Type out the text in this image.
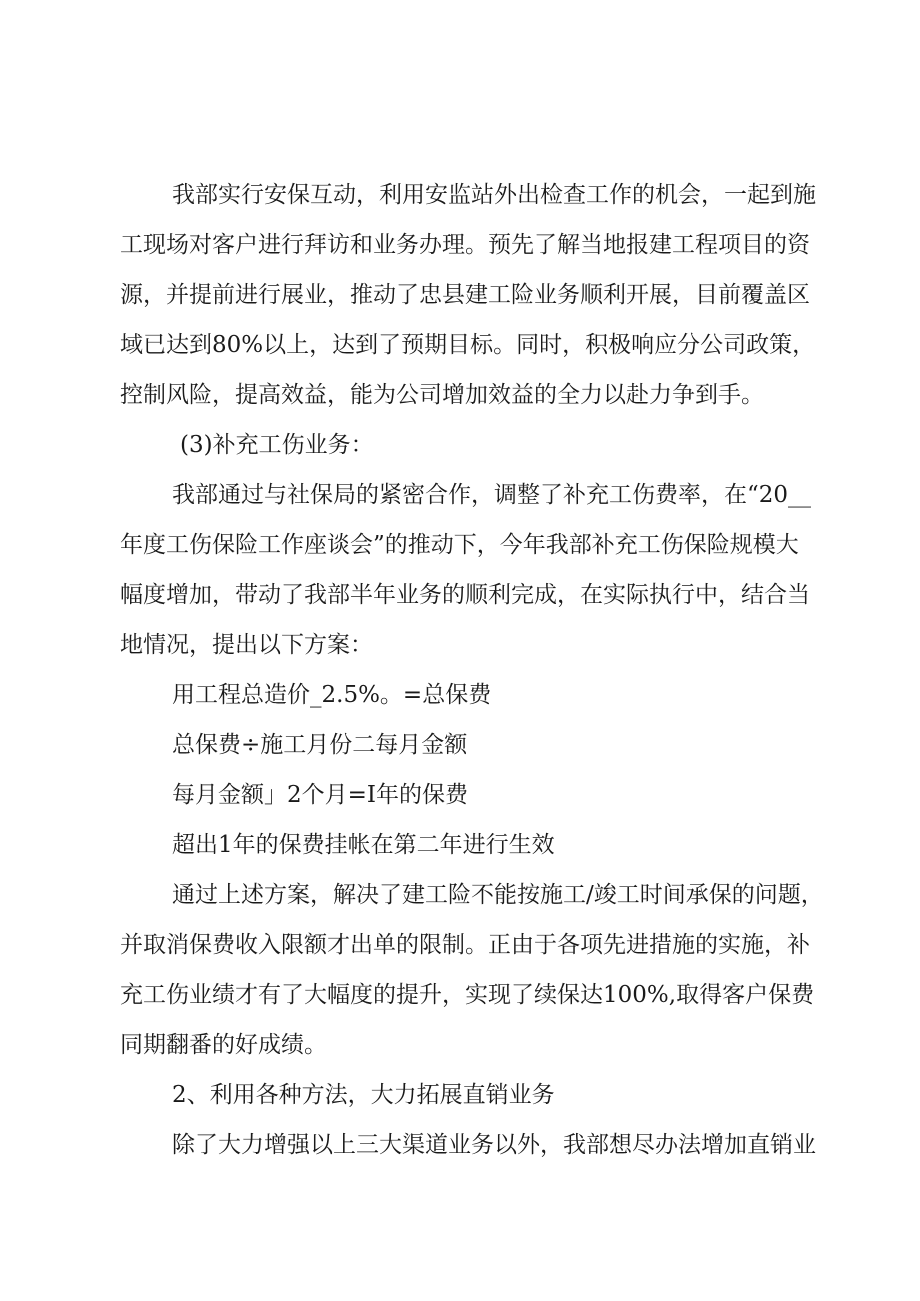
我部实行安保互动，利用安监站外出检查工作的机会，一起到施
工现场对客户进行拜访和业务办理。预先了解当地报建工程项目的资
源，并提前进行展业，推动了忠县建工险业务顺利开展，目前覆盖区
域已达到80%以上，达到了预期目标。同时，积极响应分公司政策，
控制风险，提高效益，能为公司增加效益的全力以赴力争到手。
(3)补充工伤业务：
我部通过与社保局的紧密合作，调整了补充工伤费率，在“20__
年度工伤保险工作座谈会”的推动下，今年我部补充工伤保险规模大
幅度增加，带动了我部半年业务的顺利完成，在实际执行中，结合当
地情况，提出以下方案：
用工程总造价_2.5%。=总保费
总保费÷施工月份二每月金额
每月金额」2个月=I年的保费
超出1年的保费挂帐在第二年进行生效
通过上述方案，解决了建工险不能按施工/竣工时间承保的问题，
并取消保费收入限额才出单的限制。正由于各项先进措施的实施，补
充工伤业绩才有了大幅度的提升，实现了续保达100%,取得客户保费
同期翻番的好成绩。
2、利用各种方法，大力拓展直销业务
除了大力增强以上三大渠道业务以外，我部想尽办法增加直销业
